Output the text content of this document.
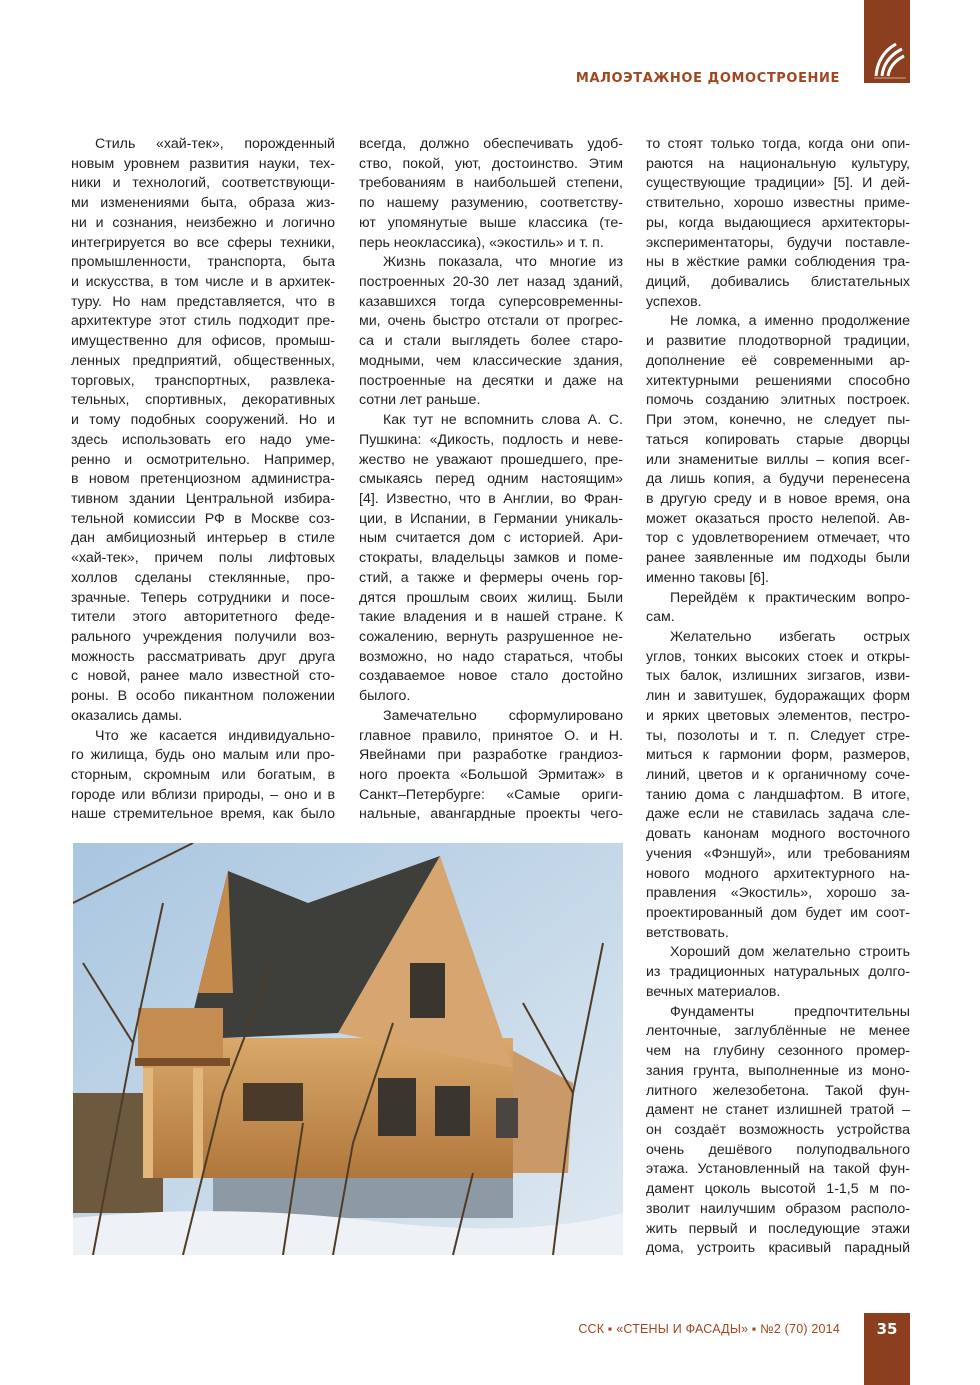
МАЛОЭТАЖНОЕ ДОМОСТРОЕНИЕ
Стиль «хай-тек», порожденный
новым уровнем развития науки, тех-
ники и технологий, соответствующи-
ми изменениями быта, образа жиз-
ни и сознания, неизбежно и логично
интегрируется во все сферы техники,
промышленности, транспорта, быта
и искусства, в том числе и в архитек-
туру. Но нам представляется, что в
архитектуре этот стиль подходит пре-
имущественно для офисов, промыш-
ленных предприятий, общественных,
торговых, транспортных, развлека-
тельных, спортивных, декоративных
и тому подобных сооружений. Но и
здесь использовать его надо уме-
ренно и осмотрительно. Например,
в новом претенциозном администра-
тивном здании Центральной избира-
тельной комиссии РФ в Москве соз-
дан амбициозный интерьер в стиле
«хай-тек», причем полы лифтовых
холлов сделаны стеклянные, про-
зрачные. Теперь сотрудники и посе-
тители этого авторитетного феде-
рального учреждения получили воз-
можность рассматривать друг друга
с новой, ранее мало известной сто-
роны. В особо пикантном положении
оказались дамы.
Что же касается индивидуально-
го жилища, будь оно малым или про-
сторным, скромным или богатым, в
городе или вблизи природы, – оно и в
наше стремительное время, как было
всегда, должно обеспечивать удоб-
ство, покой, уют, достоинство. Этим
требованиям в наибольшей степени,
по нашему разумению, соответству-
ют упомянутые выше классика (те-
перь неоклассика), «экостиль» и т. п.
Жизнь показала, что многие из
построенных 20-30 лет назад зданий,
казавшихся тогда суперсовременны-
ми, очень быстро отстали от прогрес-
са и стали выглядеть более старо-
модными, чем классические здания,
построенные на десятки и даже на
сотни лет раньше.
Как тут не вспомнить слова А. С.
Пушкина: «Дикость, подлость и неве-
жество не уважают прошедшего, пре-
смыкаясь перед одним настоящим»
[4]. Известно, что в Англии, во Фран-
ции, в Испании, в Германии уникаль-
ным считается дом с историей. Ари-
стократы, владельцы замков и поме-
стий, а также и фермеры очень гор-
дятся прошлым своих жилищ. Были
такие владения и в нашей стране. К
сожалению, вернуть разрушенное не-
возможно, но надо стараться, чтобы
создаваемое новое стало достойно
былого.
Замечательно сформулировано
главное правило, принятое О. и Н.
Явейнами при разработке грандиоз-
ного проекта «Большой Эрмитаж» в
Санкт–Петербурге: «Самые ориги-
нальные, авангардные проекты чего-
то стоят только тогда, когда они опи-
раются на национальную культуру,
существующие традиции» [5]. И дей-
ствительно, хорошо известны приме-
ры, когда выдающиеся архитекторы-
экспериментаторы, будучи поставле-
ны в жёсткие рамки соблюдения тра-
диций, добивались блистательных
успехов.
Не ломка, а именно продолжение
и развитие плодотворной традиции,
дополнение её современными ар-
хитектурными решениями способно
помочь созданию элитных построек.
При этом, конечно, не следует пы-
таться копировать старые дворцы
или знаменитые виллы – копия всег-
да лишь копия, а будучи перенесена
в другую среду и в новое время, она
может оказаться просто нелепой. Ав-
тор с удовлетворением отмечает, что
ранее заявленные им подходы были
именно таковы [6].
Перейдём к практическим вопро-
сам.
Желательно избегать острых
углов, тонких высоких стоек и откры-
тых балок, излишних зигзагов, изви-
лин и завитушек, будоражащих форм
и ярких цветовых элементов, пестро-
ты, позолоты и т. п. Следует стре-
миться к гармонии форм, размеров,
линий, цветов и к органичному соче-
танию дома с ландшафтом. В итоге,
даже если не ставилась задача сле-
довать канонам модного восточного
учения «Фэншуй», или требованиям
нового модного архитектурного на-
правления «Экостиль», хорошо за-
проектированный дом будет им соот-
ветствовать.
Хороший дом желательно строить
из традиционных натуральных долго-
вечных материалов.
Фундаменты предпочтительны
ленточные, заглублённые не менее
чем на глубину сезонного промер-
зания грунта, выполненные из моно-
литного железобетона. Такой фун-
дамент не станет излишней тратой –
он создаёт возможность устройства
очень дешёвого полуподвального
этажа. Установленный на такой фун-
дамент цоколь высотой 1-1,5 м по-
зволит наилучшим образом располо-
жить первый и последующие этажи
дома, устроить красивый парадный
ССК ▪ «СТЕНЫ И ФАСАДЫ» ▪ №2 (70) 2014	35
